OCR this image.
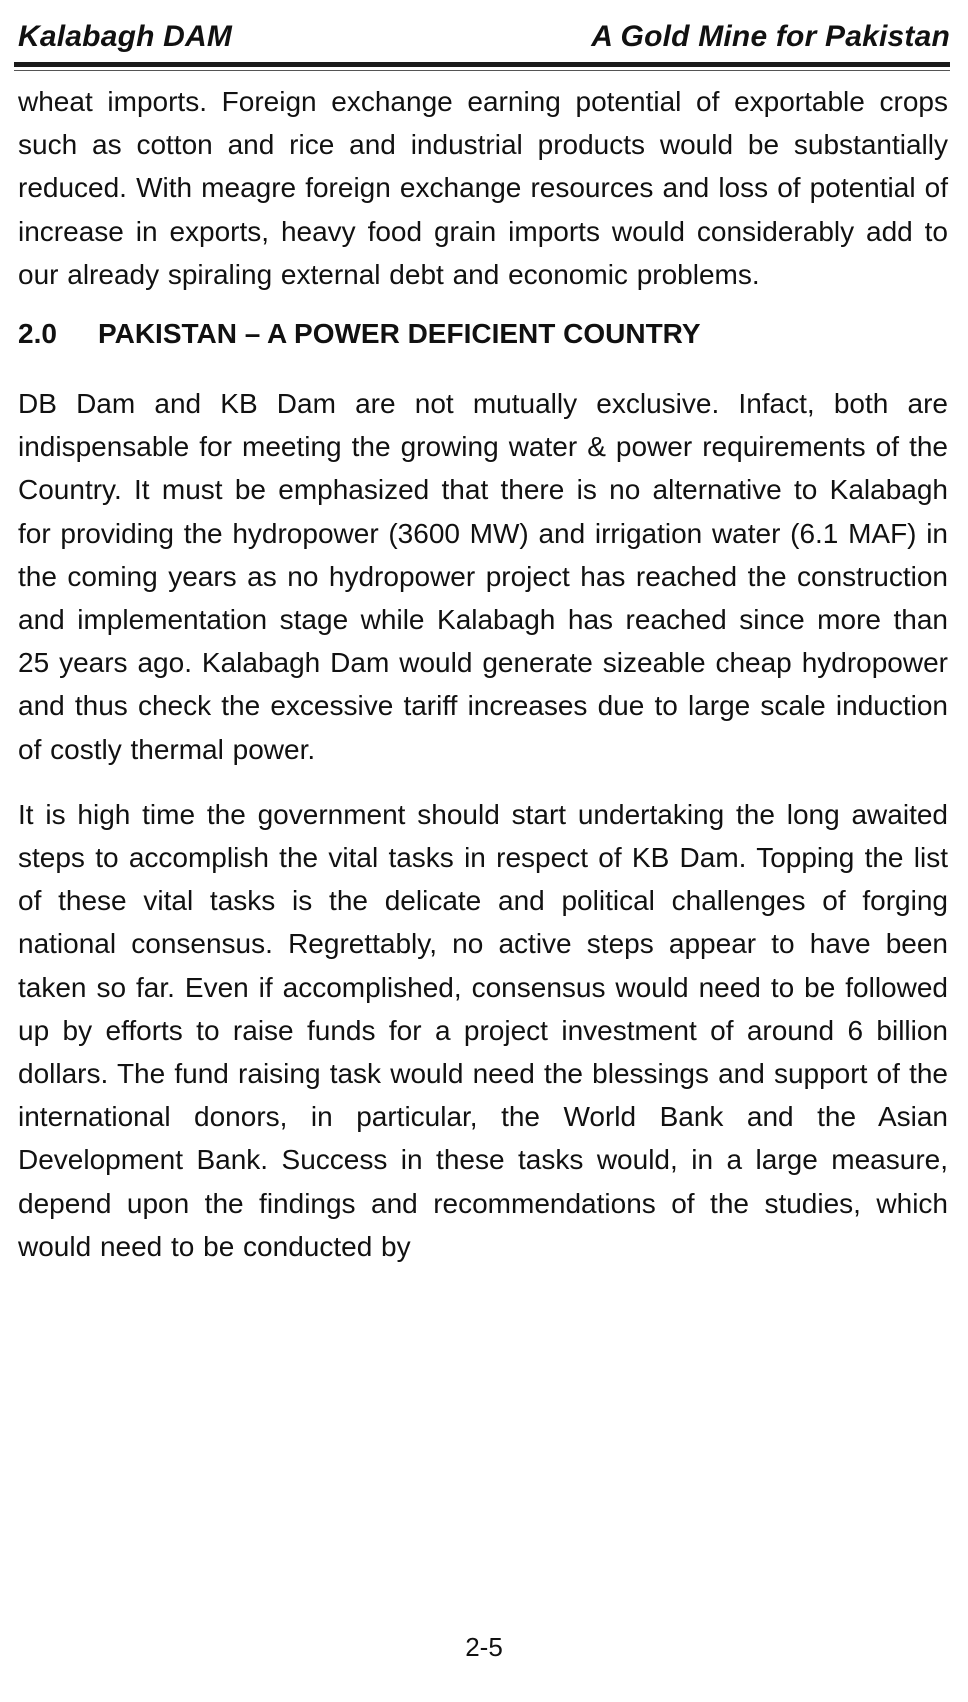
Kalabagh DAM	A Gold Mine for Pakistan

wheat imports. Foreign exchange earning potential of exportable crops such as cotton and rice and industrial products would be substantially reduced. With meagre foreign exchange resources and loss of potential of increase in exports, heavy food grain imports would considerably add to our already spiraling external debt and economic problems.

2.0 PAKISTAN – A POWER DEFICIENT COUNTRY

DB Dam and KB Dam are not mutually exclusive. Infact, both are indispensable for meeting the growing water & power requirements of the Country. It must be emphasized that there is no alternative to Kalabagh for providing the hydropower (3600 MW) and irrigation water (6.1 MAF) in the coming years as no hydropower project has reached the construction and implementation stage while Kalabagh has reached since more than 25 years ago. Kalabagh Dam would generate sizeable cheap hydropower and thus check the excessive tariff increases due to large scale induction of costly thermal power.

It is high time the government should start undertaking the long awaited steps to accomplish the vital tasks in respect of KB Dam. Topping the list of these vital tasks is the delicate and political challenges of forging national consensus. Regrettably, no active steps appear to have been taken so far. Even if accomplished, consensus would need to be followed up by efforts to raise funds for a project investment of around 6 billion dollars. The fund raising task would need the blessings and support of the international donors, in particular, the World Bank and the Asian Development Bank. Success in these tasks would, in a large measure, depend upon the findings and recommendations of the studies, which would need to be conducted by

2-5
